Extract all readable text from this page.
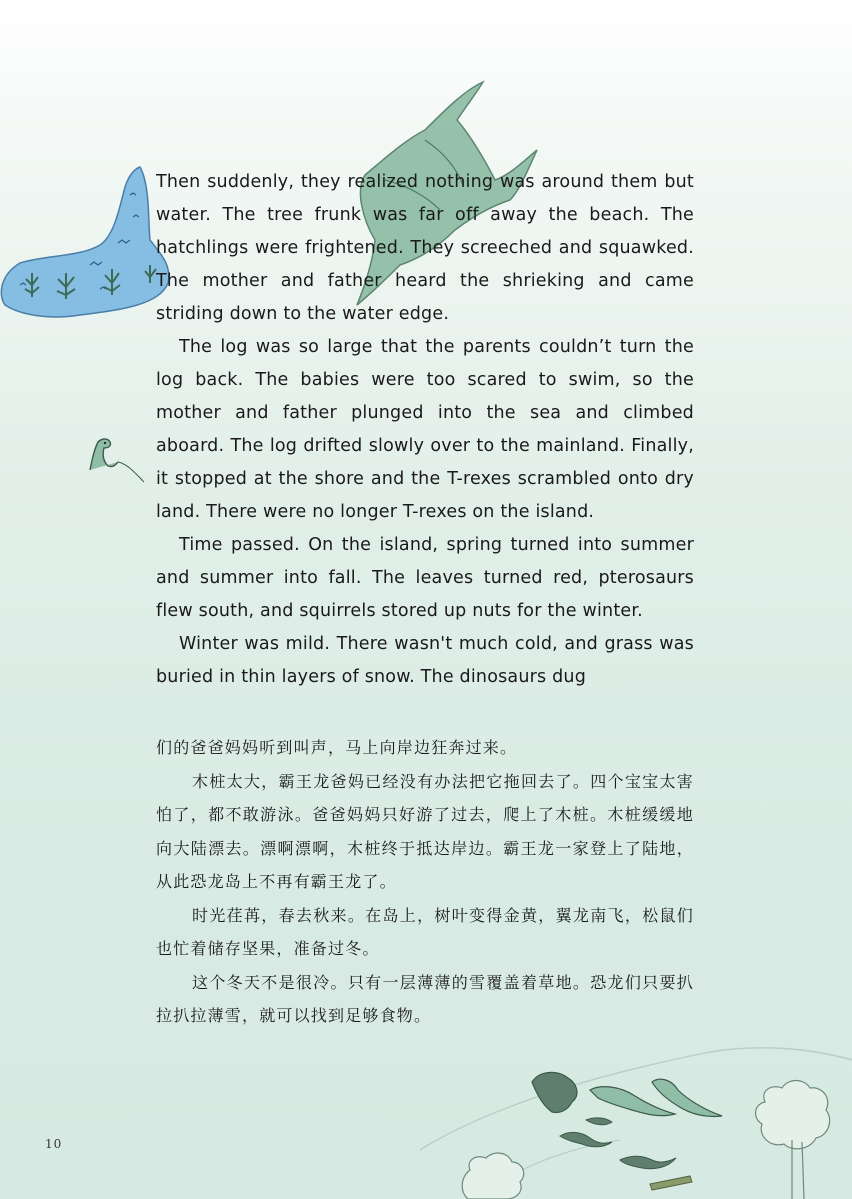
Then suddenly, they realized nothing was around them but water. The tree frunk was far off away the beach. The hatchlings were frightened. They screeched and squawked. The mother and father heard the shrieking and came striding down to the water edge.

The log was so large that the parents couldn’t turn the log back. The babies were too scared to swim, so the mother and father plunged into the sea and climbed aboard. The log drifted slowly over to the mainland. Finally, it stopped at the shore and the T-rexes scrambled onto dry land. There were no longer T-rexes on the island.

Time passed. On the island, spring turned into summer and summer into fall. The leaves turned red, pterosaurs flew south, and squirrels stored up nuts for the winter.

Winter was mild. There wasn't much cold, and grass was buried in thin layers of snow. The dinosaurs dug

们的爸爸妈妈听到叫声，马上向岸边狂奔过来。

木桩太大，霸王龙爸妈已经没有办法把它拖回去了。四个宝宝太害怕了，都不敢游泳。爸爸妈妈只好游了过去，爬上了木桩。木桩缓缓地向大陆漂去。漂啊漂啊，木桩终于抵达岸边。霸王龙一家登上了陆地，从此恐龙岛上不再有霸王龙了。

时光荏苒，春去秋来。在岛上，树叶变得金黄，翼龙南飞，松鼠们也忙着储存坚果，准备过冬。

这个冬天不是很冷。只有一层薄薄的雪覆盖着草地。恐龙们只要扒拉扒拉薄雪，就可以找到足够食物。

10
